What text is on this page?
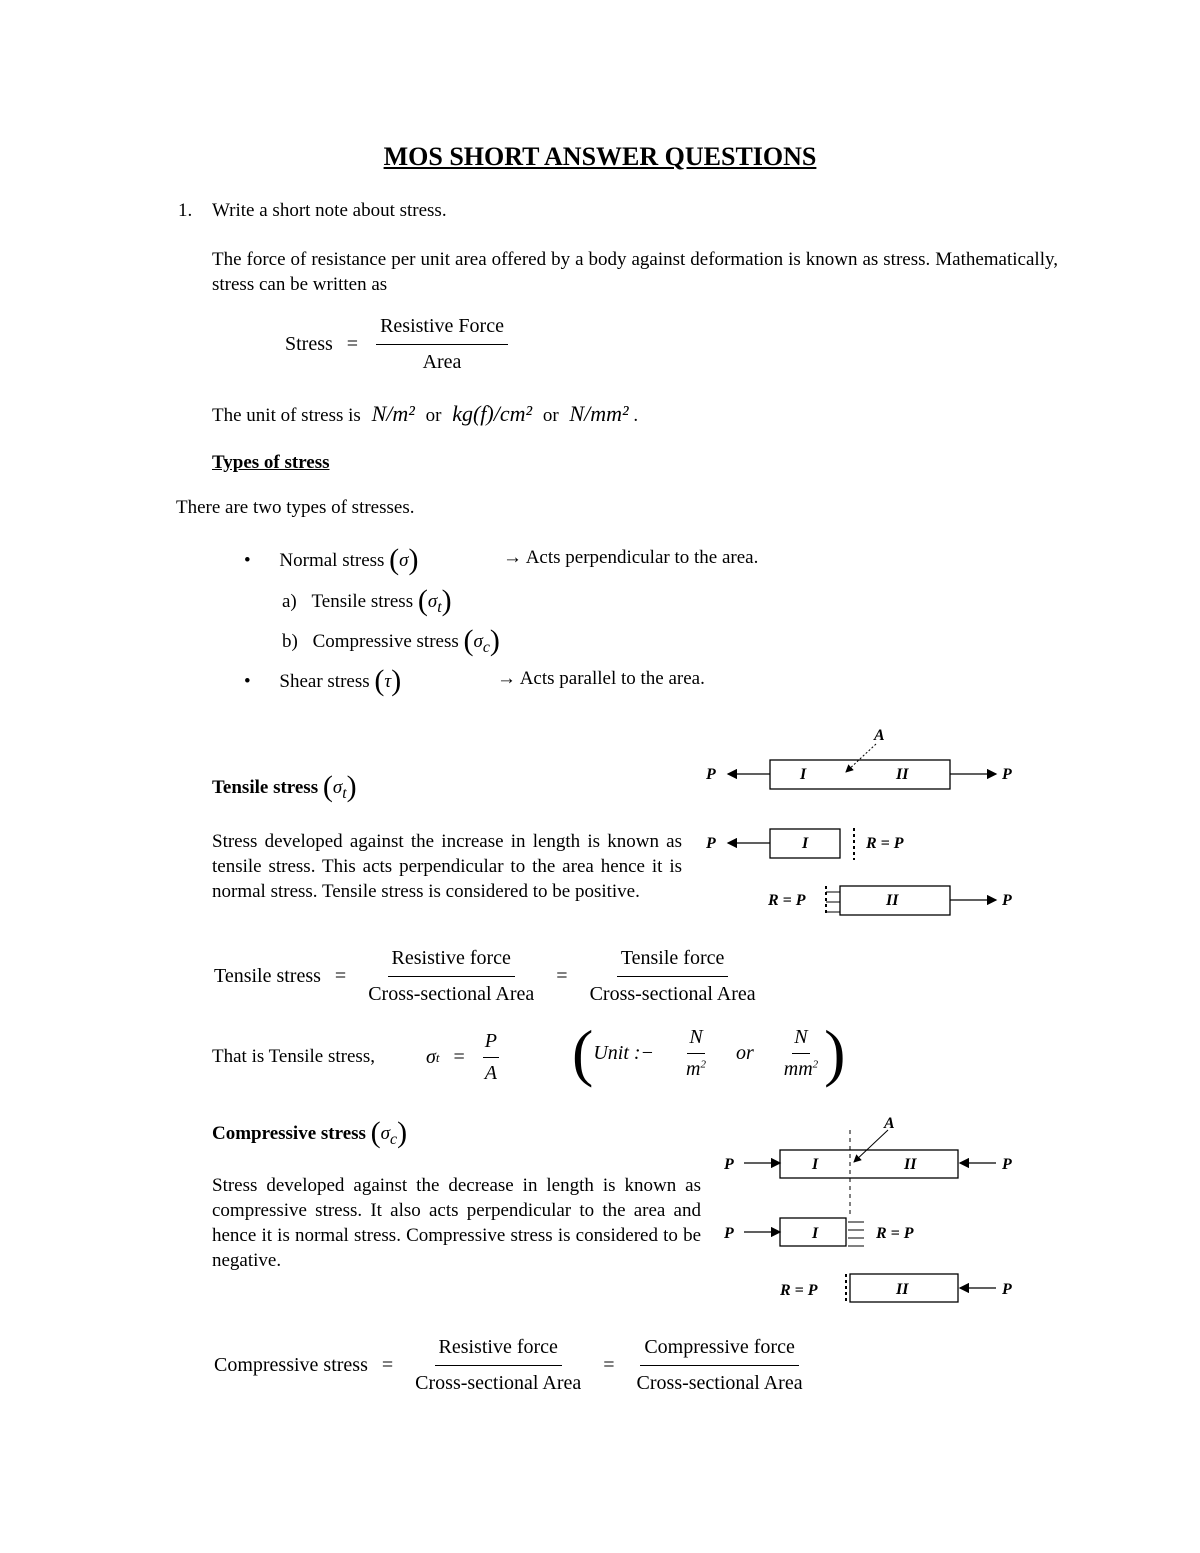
MOS SHORT ANSWER QUESTIONS
1. Write a short note about stress.
The force of resistance per unit area offered by a body against deformation is known as stress. Mathematically, stress can be written as
Stress = $\frac{\text{Resistive Force}}{\text{Area}}$
The unit of stress is N/m² or kg(f)/cm² or N/mm² .
Types of stress
There are two types of stresses.
• Normal stress (σ)	→ Acts perpendicular to the area.
a) Tensile stress $(\sigma_t)$
b) Compressive stress $(\sigma_c)$
• Shear stress (τ)	→ Acts parallel to the area.
Tensile stress $(\sigma_t)$
Stress developed against the increase in length is known as tensile stress. This acts perpendicular to the area hence it is normal stress. Tensile stress is considered to be positive.
Tensile stress = $\frac{\text{Resistive force}}{\text{Cross-sectional Area}} = \frac{\text{Tensile force}}{\text{Cross-sectional Area}}$
That is Tensile stress,	σ $t = \frac{P}{A}$ ( Unit :− $\frac{N}{m^2}$ or $\frac{N}{mm^2}$ )
A
P	I	II	P
P	I	R = P
R = P	II	P
Compressive stress $(\sigma_c)$
Stress developed against the decrease in length is known as compressive stress. It also acts perpendicular to the area and hence it is normal stress. Compressive stress is considered to be negative.
Compressive stress = $\frac{\text{Resistive force}}{\text{Cross-sectional Area}} = \frac{\text{Compressive force}}{\text{Cross-sectional Area}}$
A
P	I	II	P
P	I	R = P
R = P	II	P
